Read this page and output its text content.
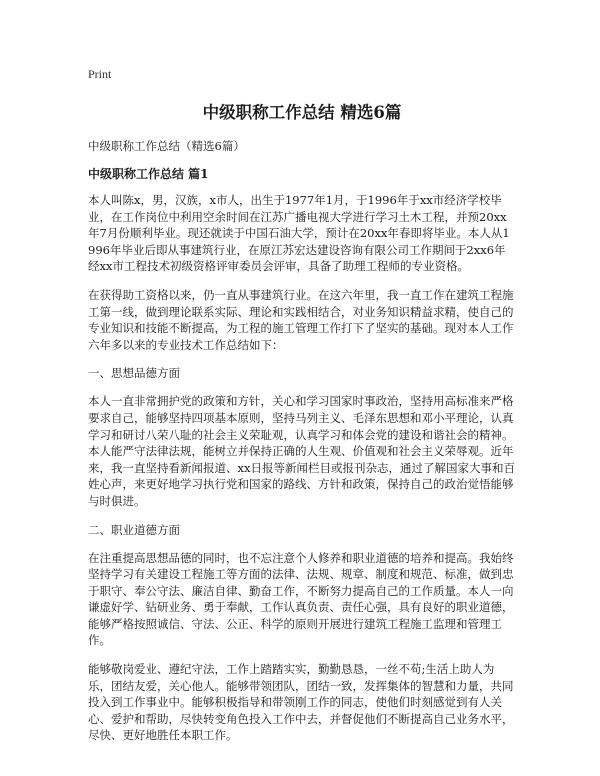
Print
中级职称工作总结 精选6篇
中级职称工作总结（精选6篇）
中级职称工作总结 篇1

本人叫陈x，男，汉族，x市人，出生于1977年1月，于1996年于xx市经济学校毕业，在工作岗位中利用空余时间在江苏广播电视大学进行学习土木工程，并预20xx年7月份顺利毕业。现还就读于中国石油大学，预计在20xx年春即将毕业。本人从1996年毕业后即从事建筑行业，在原江苏宏达建设咨询有限公司工作期间于2xx6年经xx市工程技术初级资格评审委员会评审，具备了助理工程师的专业资格。

在获得助工资格以来，仍一直从事建筑行业。在这六年里，我一直工作在建筑工程施工第一线，做到理论联系实际、理论和实践相结合，对业务知识精益求精，使自己的专业知识和技能不断提高，为工程的施工管理工作打下了坚实的基础。现对本人工作六年多以来的专业技术工作总结如下：

一、思想品德方面

本人一直非常拥护党的政策和方针，关心和学习国家时事政治，坚持用高标准来严格要求自己，能够坚持四项基本原则，坚持马列主义、毛泽东思想和邓小平理论，认真学习和研讨八荣八耻的社会主义荣耻观，认真学习和体会党的建设和谐社会的精神。本人能严守法律法规，能树立并保持正确的人生观、价值观和社会主义荣辱观。近年来，我一直坚持看新闻报道、xx日报等新闻栏目或报刊杂志，通过了解国家大事和百姓心声，来更好地学习执行党和国家的路线、方针和政策，保持自己的政治觉悟能够与时俱进。

二、职业道德方面

在注重提高思想品德的同时，也不忘注意个人修养和职业道德的培养和提高。我始终坚持学习有关建设工程施工等方面的法律、法规、规章、制度和规范、标准，做到忠于职守、奉公守法、廉洁自律、勤奋工作，不断努力提高自己的工作质量。本人一向谦虚好学、钻研业务、勇于奉献，工作认真负责、责任心强，具有良好的职业道德，能够严格按照诚信、守法、公正、科学的原则开展进行建筑工程施工监理和管理工作。

能够敬岗爱业、遵纪守法，工作上踏踏实实，勤勤恳恳，一丝不苟;生活上助人为乐，团结友爱，关心他人。能够带领团队，团结一致，发挥集体的智慧和力量，共同投入到工作事业中。能够积极指导和带领刚工作的同志，使他们时刻感觉到有人关心、爱护和帮助，尽快转变角色投入工作中去，并督促他们不断提高自己业务水平，尽快、更好地胜任本职工作。
